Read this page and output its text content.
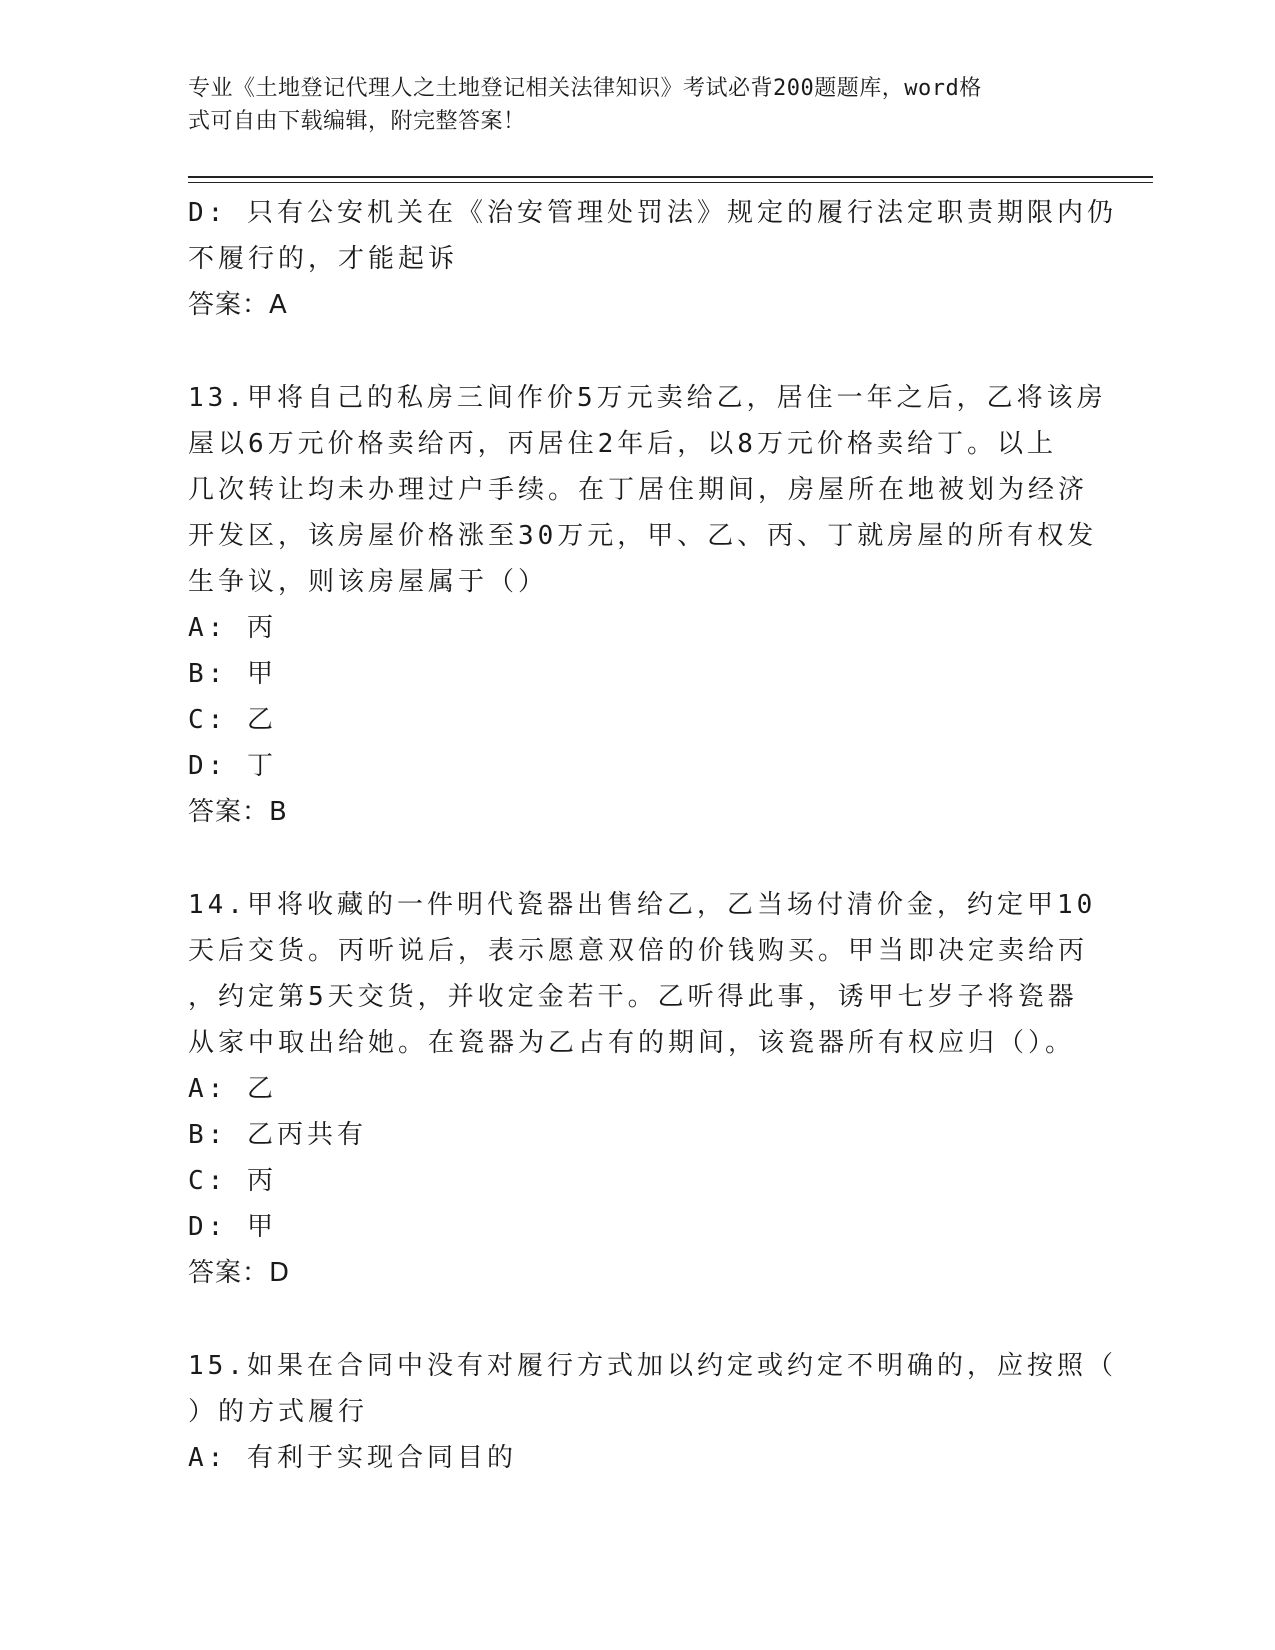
专业《土地登记代理人之土地登记相关法律知识》考试必背200题题库，word格
式可自由下载编辑，附完整答案！
D: 只有公安机关在《治安管理处罚法》规定的履行法定职责期限内仍
不履行的，才能起诉
答案：A
13.甲将自己的私房三间作价5万元卖给乙，居住一年之后，乙将该房
屋以6万元价格卖给丙，丙居住2年后，以8万元价格卖给丁。以上
几次转让均未办理过户手续。在丁居住期间，房屋所在地被划为经济
开发区，该房屋价格涨至30万元，甲、乙、丙、丁就房屋的所有权发
生争议，则该房屋属于（）
A: 丙
B: 甲
C: 乙
D: 丁
答案：B
14.甲将收藏的一件明代瓷器出售给乙，乙当场付清价金，约定甲10
天后交货。丙听说后，表示愿意双倍的价钱购买。甲当即决定卖给丙
，约定第5天交货，并收定金若干。乙听得此事，诱甲七岁子将瓷器
从家中取出给她。在瓷器为乙占有的期间，该瓷器所有权应归（）。
A: 乙
B: 乙丙共有
C: 丙
D: 甲
答案：D
15.如果在合同中没有对履行方式加以约定或约定不明确的，应按照（
）的方式履行
A: 有利于实现合同目的
